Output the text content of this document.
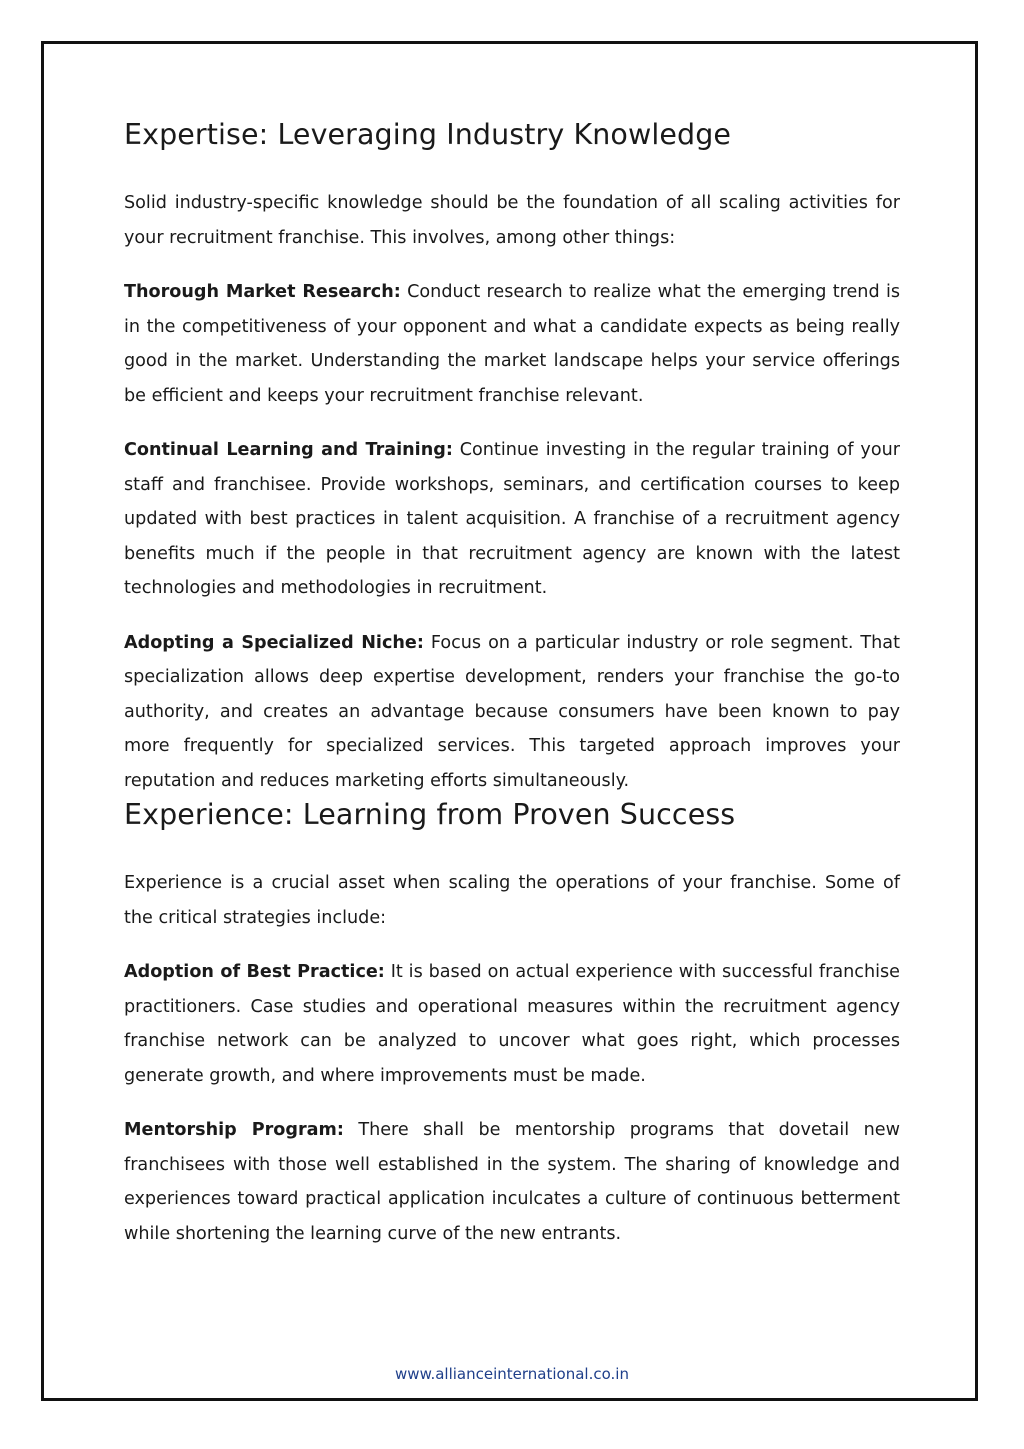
Expertise: Leveraging Industry Knowledge

Solid industry-specific knowledge should be the foundation of all scaling activities for your recruitment franchise. This involves, among other things:

Thorough Market Research: Conduct research to realize what the emerging trend is in the competitiveness of your opponent and what a candidate expects as being really good in the market. Understanding the market landscape helps your service offerings be efficient and keeps your recruitment franchise relevant.

Continual Learning and Training: Continue investing in the regular training of your staff and franchisee. Provide workshops, seminars, and certification courses to keep updated with best practices in talent acquisition. A franchise of a recruitment agency benefits much if the people in that recruitment agency are known with the latest technologies and methodologies in recruitment.

Adopting a Specialized Niche: Focus on a particular industry or role segment. That specialization allows deep expertise development, renders your franchise the go-to authority, and creates an advantage because consumers have been known to pay more frequently for specialized services. This targeted approach improves your reputation and reduces marketing efforts simultaneously.

Experience: Learning from Proven Success

Experience is a crucial asset when scaling the operations of your franchise. Some of the critical strategies include:

Adoption of Best Practice: It is based on actual experience with successful franchise practitioners. Case studies and operational measures within the recruitment agency franchise network can be analyzed to uncover what goes right, which processes generate growth, and where improvements must be made.

Mentorship Program: There shall be mentorship programs that dovetail new franchisees with those well established in the system. The sharing of knowledge and experiences toward practical application inculcates a culture of continuous betterment while shortening the learning curve of the new entrants.

www.allianceinternational.co.in
